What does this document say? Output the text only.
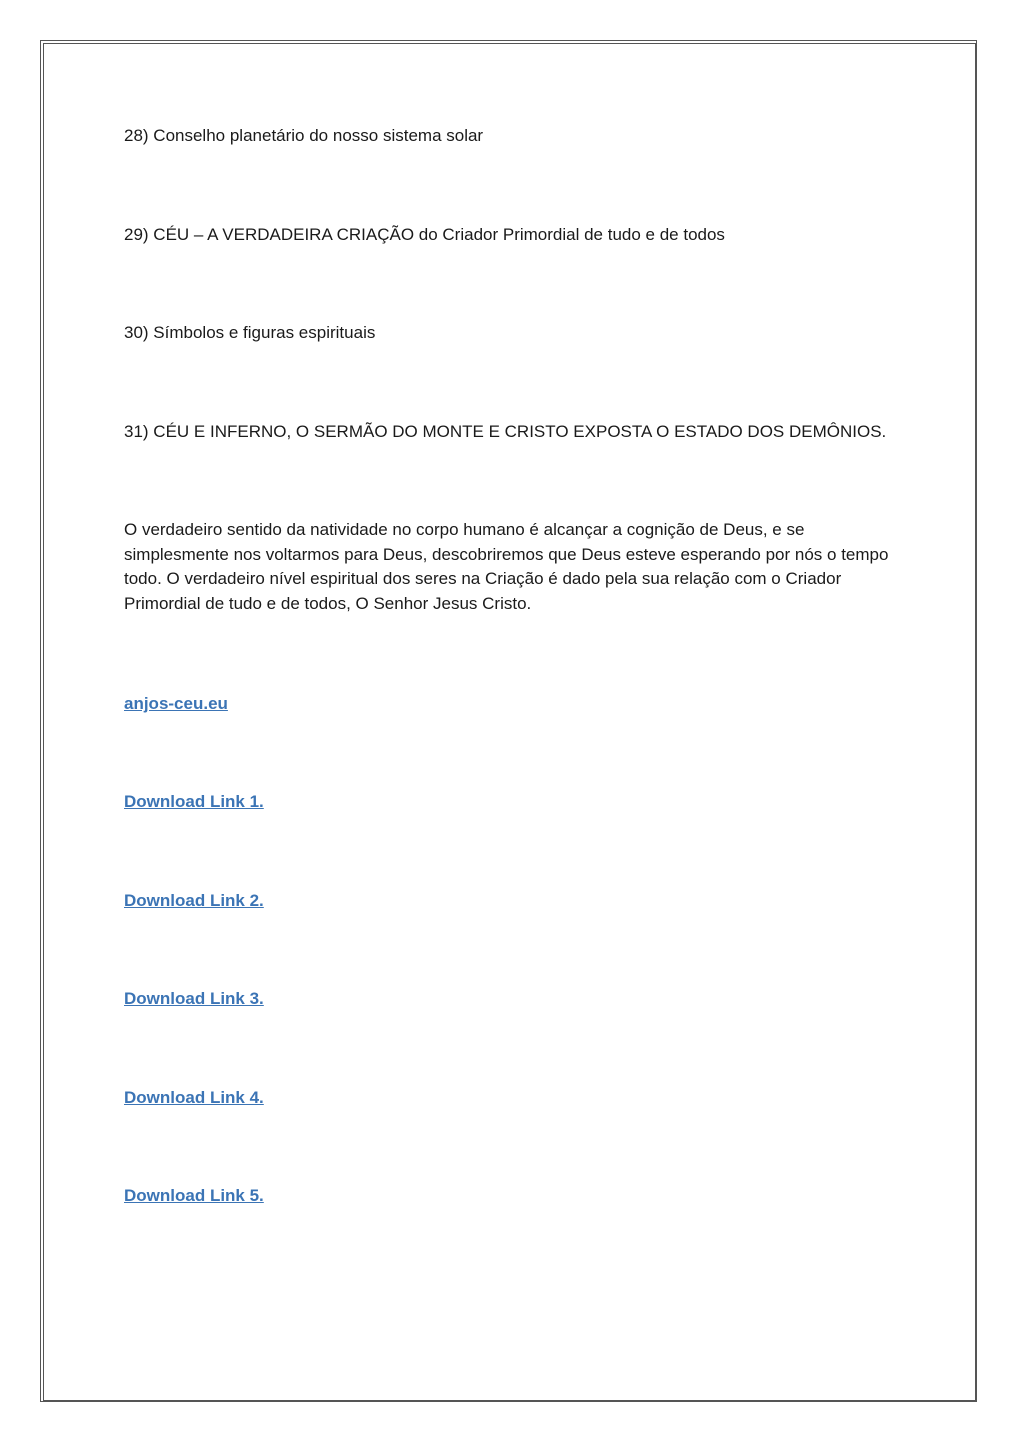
28) Conselho planetário do nosso sistema solar

29) CÉU – A VERDADEIRA CRIAÇÃO do Criador Primordial de tudo e de todos

30) Símbolos e figuras espirituais

31) CÉU E INFERNO, O SERMÃO DO MONTE E CRISTO EXPOSTA O ESTADO DOS DEMÔNIOS.

O verdadeiro sentido da natividade no corpo humano é alcançar a cognição de Deus, e se simplesmente nos voltarmos para Deus, descobriremos que Deus esteve esperando por nós o tempo todo. O verdadeiro nível espiritual dos seres na Criação é dado pela sua relação com o Criador Primordial de tudo e de todos, O Senhor Jesus Cristo.

anjos-ceu.eu
Download Link 1.
Download Link 2.
Download Link 3.
Download Link 4.
Download Link 5.
